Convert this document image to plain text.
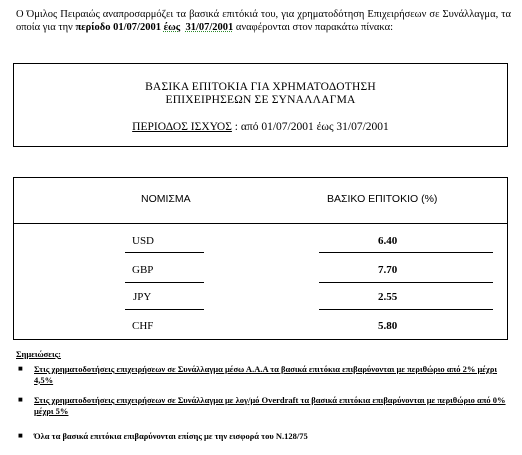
Ο Όμιλος Πειραιώς αναπροσαρμόζει τα βασικά επιτόκιά του, για χρηματοδότηση Επιχειρήσεων σε Συνάλλαγμα, τα οποία για την περίοδο 01/07/2001 έως 31/07/2001 αναφέρονται στον παρακάτω πίνακα:
ΒΑΣΙΚΑ ΕΠΙΤΟΚΙΑ ΓΙΑ ΧΡΗΜΑΤΟΔΟΤΗΣΗ
ΕΠΙΧΕΙΡΗΣΕΩΝ ΣΕ ΣΥΝΑΛΛΑΓΜΑ
ΠΕΡΙΟΔΟΣ ΙΣΧΥΟΣ : από 01/07/2001 έως 31/07/2001
ΝΟΜΙΣΜΑ	ΒΑΣΙΚΟ ΕΠΙΤΟΚΙΟ (%)
USD	6.40
GBP	7.70
JPY	2.55
CHF	5.80
Σημειώσεις:
■ Στις χρηματοδοτήσεις επιχειρήσεων σε Συνάλλαγμα μέσω Α.Α.Α τα βασικά επιτόκια επιβαρύνονται με περιθώριο από 2% μέχρι 4,5%
■ Στις χρηματοδοτήσεις επιχειρήσεων σε Συνάλλαγμα με λογ/μό Overdraft τα βασικά επιτόκια επιβαρύνονται με περιθώριο από 0% μέχρι 5%
■ Όλα τα βασικά επιτόκια επιβαρύνονται επίσης με την εισφορά του Ν.128/75
